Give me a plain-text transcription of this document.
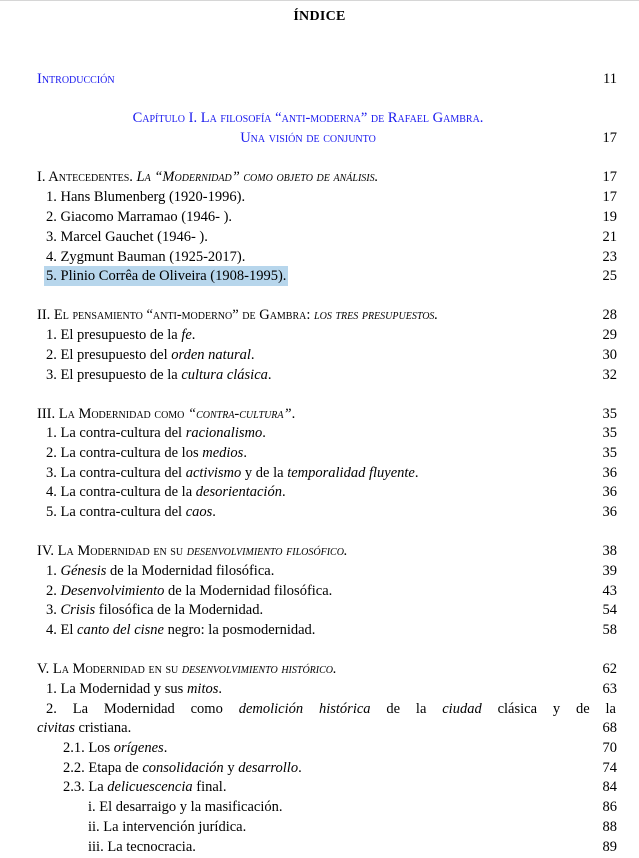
ÍNDICE
Introducción	11
Capítulo I. La filosofía “anti-moderna” de Rafael Gambra.
Una visión de conjunto	17
I. Antecedentes. La “Modernidad” como objeto de análisis.	17
1. Hans Blumenberg (1920-1996).	17
2. Giacomo Marramao (1946- ).	19
3. Marcel Gauchet (1946- ).	21
4. Zygmunt Bauman (1925-2017).	23
5. Plinio Corrêa de Oliveira (1908-1995).	25
II. El pensamiento “anti-moderno” de Gambra: los tres presupuestos.	28
1. El presupuesto de la fe.	29
2. El presupuesto del orden natural.	30
3. El presupuesto de la cultura clásica.	32
III. La Modernidad como “contra-cultura”.	35
1. La contra-cultura del racionalismo.	35
2. La contra-cultura de los medios.	35
3. La contra-cultura del activismo y de la temporalidad fluyente.	36
4. La contra-cultura de la desorientación.	36
5. La contra-cultura del caos.	36
IV. La Modernidad en su desenvolvimiento filosófico.	38
1. Génesis de la Modernidad filosófica.	39
2. Desenvolvimiento de la Modernidad filosófica.	43
3. Crisis filosófica de la Modernidad.	54
4. El canto del cisne negro: la posmodernidad.	58
V. La Modernidad en su desenvolvimiento histórico.	62
1. La Modernidad y sus mitos.	63
2. La Modernidad como demolición histórica de la ciudad clásica y de la
civitas cristiana.	68
2.1. Los orígenes.	70
2.2. Etapa de consolidación y desarrollo.	74
2.3. La delicuescencia final.	84
i. El desarraigo y la masificación.	86
ii. La intervención jurídica.	88
iii. La tecnocracia.	89
